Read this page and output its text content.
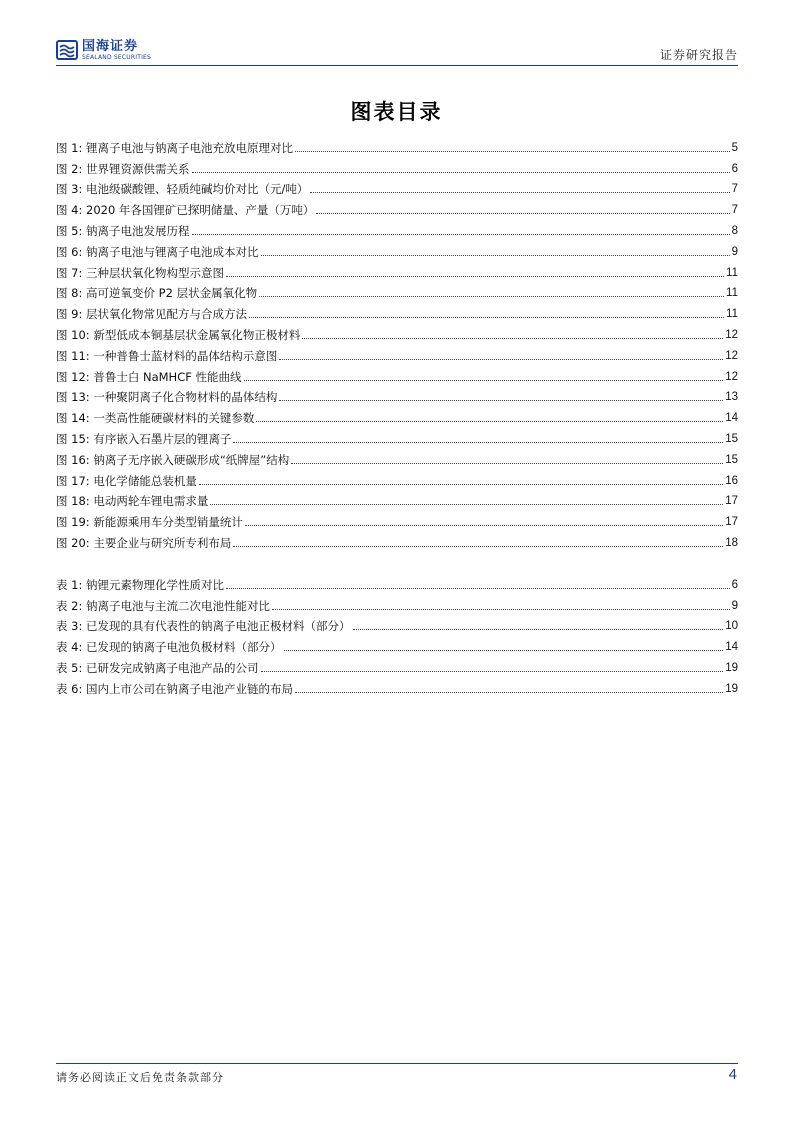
国海证券
SEALAND SECURITIES	证券研究报告
图表目录
图 1: 锂离子电池与钠离子电池充放电原理对比	5
图 2: 世界锂资源供需关系	6
图 3: 电池级碳酸锂、轻质纯碱均价对比（元/吨）	7
图 4: 2020 年各国锂矿已探明储量、产量（万吨）	7
图 5: 钠离子电池发展历程	8
图 6: 钠离子电池与锂离子电池成本对比	9
图 7: 三种层状氧化物构型示意图	11
图 8: 高可逆氧变价 P2 层状金属氧化物	11
图 9: 层状氧化物常见配方与合成方法	11
图 10: 新型低成本铜基层状金属氧化物正极材料	12
图 11: 一种普鲁士蓝材料的晶体结构示意图	12
图 12: 普鲁士白 NaMHCF 性能曲线	12
图 13: 一种聚阴离子化合物材料的晶体结构	13
图 14: 一类高性能硬碳材料的关键参数	14
图 15: 有序嵌入石墨片层的锂离子	15
图 16: 钠离子无序嵌入硬碳形成“纸牌屋”结构	15
图 17: 电化学储能总装机量	16
图 18: 电动两轮车锂电需求量	17
图 19: 新能源乘用车分类型销量统计	17
图 20: 主要企业与研究所专利布局	18
表 1: 钠锂元素物理化学性质对比	6
表 2: 钠离子电池与主流二次电池性能对比	9
表 3: 已发现的具有代表性的钠离子电池正极材料（部分）	10
表 4: 已发现的钠离子电池负极材料（部分）	14
表 5: 已研发完成钠离子电池产品的公司	19
表 6: 国内上市公司在钠离子电池产业链的布局	19
请务必阅读正文后免责条款部分	4
